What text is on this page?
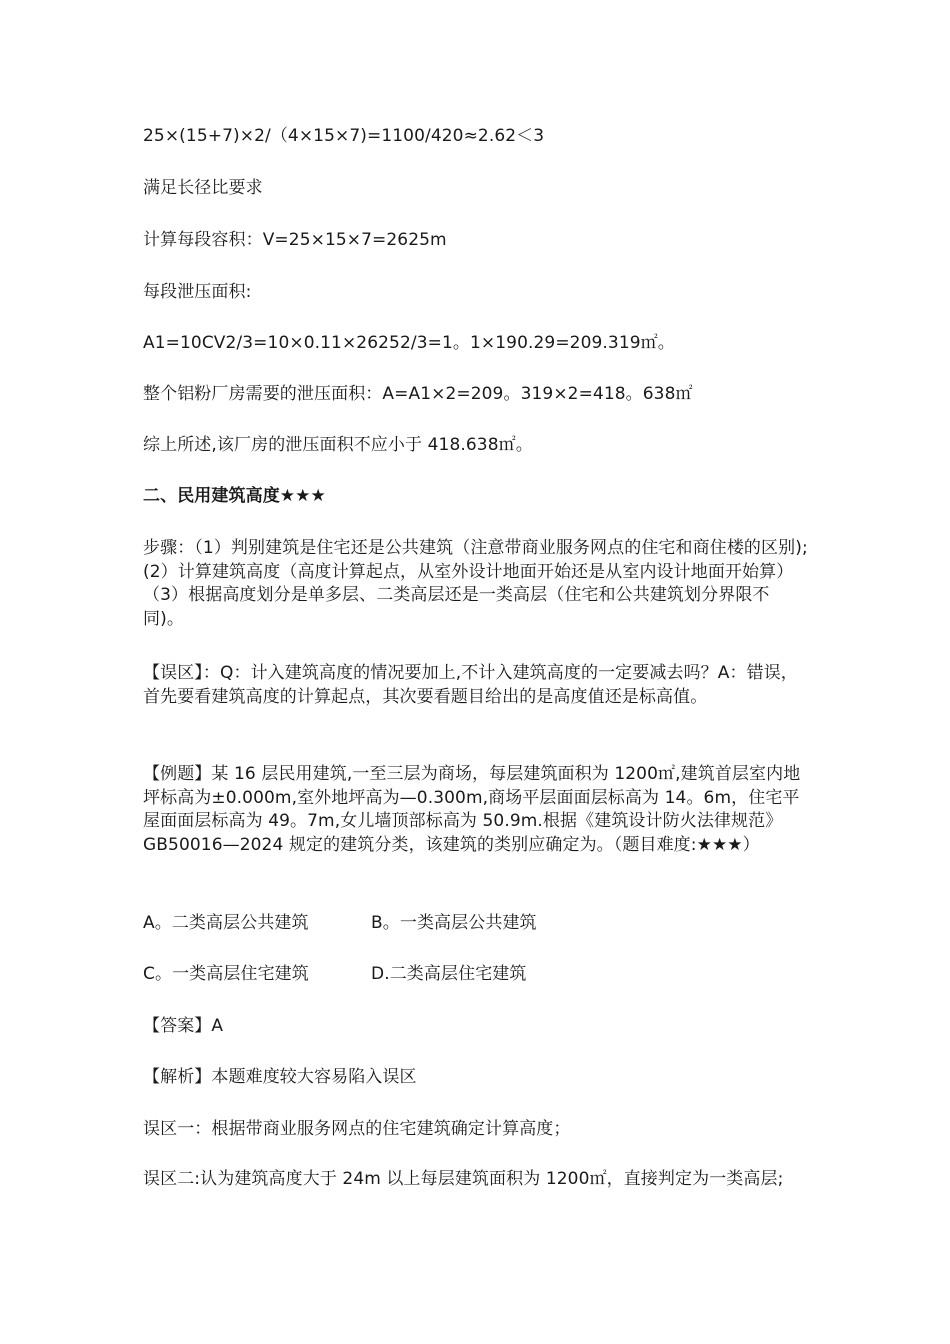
25×(15+7)×2/（4×15×7)=1100/420≈2.62＜3

满足长径比要求

计算每段容积：V=25×15×7=2625m

每段泄压面积:

A1=10CV2/3=10×0.11×26252/3=1。1×190.29=209.319㎡。

整个铝粉厂房需要的泄压面积：A=A1×2=209。319×2=418。638㎡

综上所述,该厂房的泄压面积不应小于 418.638㎡。

二、民用建筑高度★★★

步骤：（1）判别建筑是住宅还是公共建筑（注意带商业服务网点的住宅和商住楼的区别);(2）计算建筑高度（高度计算起点，从室外设计地面开始还是从室内设计地面开始算）（3）根据高度划分是单多层、二类高层还是一类高层（住宅和公共建筑划分界限不同)。

【误区】：Q：计入建筑高度的情况要加上,不计入建筑高度的一定要减去吗？A：错误，首先要看建筑高度的计算起点，其次要看题目给出的是高度值还是标高值。

【例题】某 16 层民用建筑,一至三层为商场，每层建筑面积为 1200㎡,建筑首层室内地坪标高为±0.000m,室外地坪高为—0.300m,商场平层面面层标高为 14。6m，住宅平屋面面层标高为 49。7m,女儿墙顶部标高为 50.9m.根据《建筑设计防火法律规范》GB50016—2024 规定的建筑分类，该建筑的类别应确定为。（题目难度:★★★）

A。二类高层公共建筑	B。一类高层公共建筑

C。一类高层住宅建筑	D.二类高层住宅建筑

【答案】A

【解析】本题难度较大容易陷入误区

误区一：根据带商业服务网点的住宅建筑确定计算高度；

误区二:认为建筑高度大于 24m 以上每层建筑面积为 1200㎡，直接判定为一类高层;
